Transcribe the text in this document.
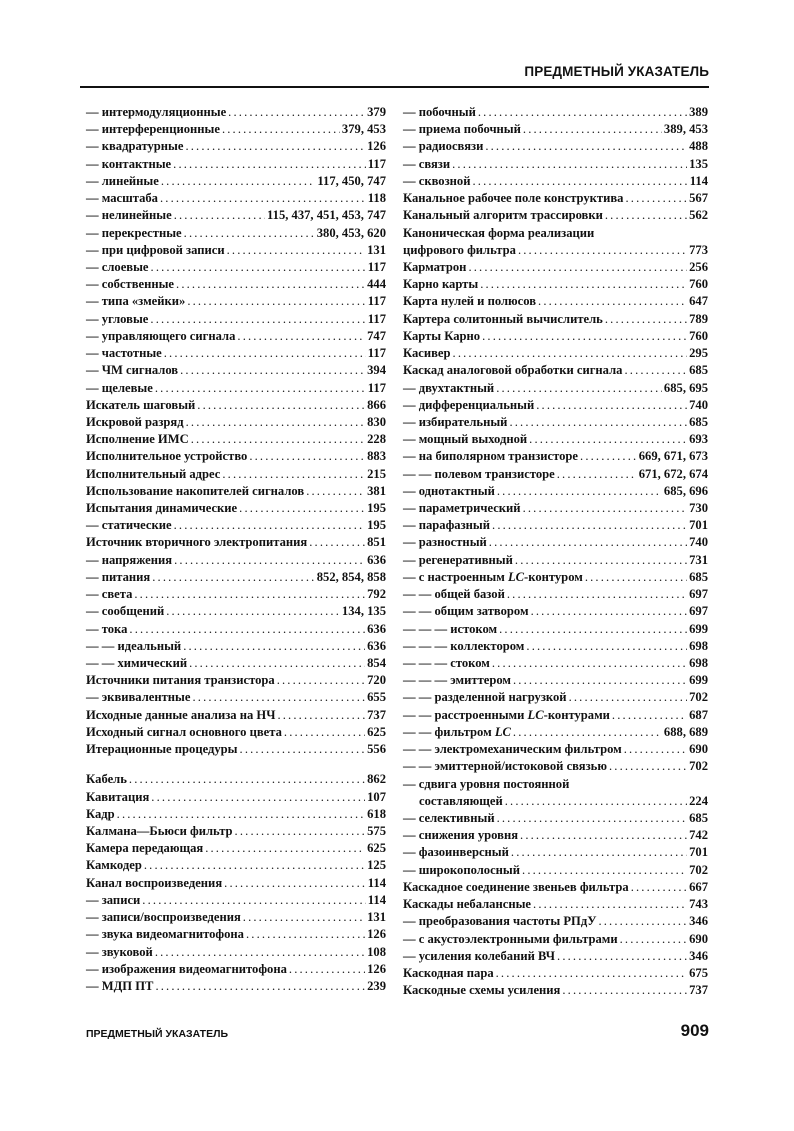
ПРЕДМЕТНЫЙ УКАЗАТЕЛЬ
— интермодуляционные . . .	379
— интерференционные . . .	379, 453
— квадратурные . . .	126
— контактные . . .	117
— линейные . . .	117, 450, 747
— масштаба . . .	118
— нелинейные . . .	115, 437, 451, 453, 747
— перекрестные . . .	380, 453, 620
— при цифровой записи . . .	131
— слоевые . . .	117
— собственные . . .	444
— типа «змейки» . . .	117
— угловые . . .	117
— управляющего сигнала . . .	747
— частотные . . .	117
— ЧМ сигналов . . .	394
— щелевые . . .	117
Искатель шаговый . . .	866
Искровой разряд . . .	830
Исполнение ИМС . . .	228
Исполнительное устройство . . .	883
Исполнительный адрес . . .	215
Использование накопителей сигналов . . .	381
Испытания динамические . . .	195
— статические . . .	195
Источник вторичного электропитания . . .	851
— напряжения . . .	636
— питания . . .	852, 854, 858
— света . . .	792
— сообщений . . .	134, 135
— тока . . .	636
— — идеальный . . .	636
— — химический . . .	854
Источники питания транзистора . . .	720
— эквивалентные . . .	655
Исходные данные анализа на НЧ . . .	737
Исходный сигнал основного цвета . . .	625
Итерационные процедуры . . .	556
Кабель . . .	862
Кавитация . . .	107
Кадр . . .	618
Калмана—Бьюси фильтр . . .	575
Камера передающая . . .	625
Камкодер . . .	125
Канал воспроизведения . . .	114
— записи . . .	114
— записи/воспроизведения . . .	131
— звука видеомагнитофона . . .	126
— звуковой . . .	108
— изображения видеомагнитофона . . .	126
— МДП ПТ . . .	239
— побочный . . .	389
— приема побочный . . .	389, 453
— радиосвязи . . .	488
— связи . . .	135
— сквозной . . .	114
Канальное рабочее поле конструктива . . .	567
Канальный алгоритм трассировки . . .	562
Каноническая форма реализации
цифрового фильтра . . .	773
Карматрон . . .	256
Карно карты . . .	760
Карта нулей и полюсов . . .	647
Картера солитонный вычислитель . . .	789
Карты Карно . . .	760
Касивер . . .	295
Каскад аналоговой обработки сигнала . . .	685
— двухтактный . . .	685, 695
— дифференциальный . . .	740
— избирательный . . .	685
— мощный выходной . . .	693
— на биполярном транзисторе . . .	669, 671, 673
— — полевом транзисторе . . .	671, 672, 674
— однотактный . . .	685, 696
— параметрический . . .	730
— парафазный . . .	701
— разностный . . .	740
— регенеративный . . .	731
— с настроенным LC-контуром . . .	685
— — общей базой . . .	697
— — общим затвором . . .	697
— — — истоком . . .	699
— — — коллектором . . .	698
— — — стоком . . .	698
— — — эмиттером . . .	699
— — разделенной нагрузкой . . .	702
— — расстроенными LC-контурами . . .	687
— — фильтром LC . . .	688, 689
— — электромеханическим фильтром . . .	690
— — эмиттерной/истоковой связью . . .	702
— сдвига уровня постоянной
составляющей . . .	224
— селективный . . .	685
— снижения уровня . . .	742
— фазоинверсный . . .	701
— широкополосный . . .	702
Каскадное соединение звеньев фильтра . . .	667
Каскады небалансные . . .	743
— преобразования частоты РПдУ . . .	346
— с акустоэлектронными фильтрами . . .	690
— усиления колебаний ВЧ . . .	346
Каскодная пара . . .	675
Каскодные схемы усиления . . .	737
ПРЕДМЕТНЫЙ УКАЗАТЕЛЬ	909
